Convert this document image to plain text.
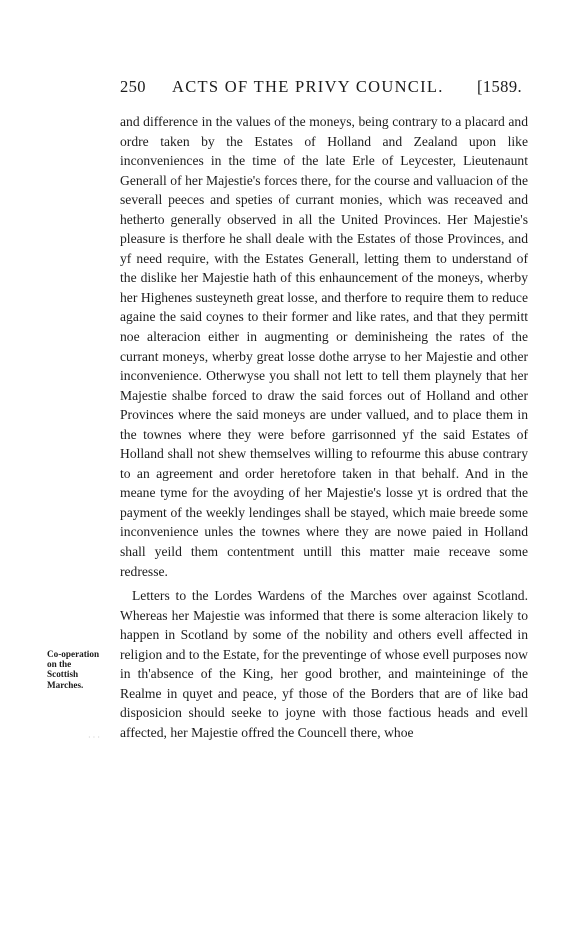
250 ACTS OF THE PRIVY COUNCIL. [1589.

and difference in the values of the moneys, being contrary to a placard and ordre taken by the Estates of Holland and Zealand upon like inconveniences in the time of the late Erle of Leycester, Lieutenaunt Generall of her Majestie's forces there, for the course and valluacion of the severall peeces and speties of currant monies, which was receaved and hetherto generally observed in all the United Provinces. Her Majestie's pleasure is therfore he shall deale with the Estates of those Provinces, and yf need require, with the Estates Generall, letting them to understand of the dislike her Majestie hath of this enhauncement of the moneys, wherby her Highenes susteyneth great losse, and therfore to require them to reduce againe the said coynes to their former and like rates, and that they permitt noe alteracion either in augmenting or deminisheing the rates of the currant moneys, wherby great losse dothe arryse to her Majestie and other inconvenience. Otherwyse you shall not lett to tell them playnely that her Majestie shalbe forced to draw the said forces out of Holland and other Provinces where the said moneys are under vallued, and to place them in the townes where they were before garrisonned yf the said Estates of Holland shall not shew themselves willing to refourme this abuse contrary to an agreement and order heretofore taken in that behalf. And in the meane tyme for the avoyding of her Majestie's losse yt is ordred that the payment of the weekly lendinges shall be stayed, which maie breede some inconvenience unles the townes where they are nowe paied in Holland shall yeild them contentment untill this matter maie receave some redresse.

Letters to the Lordes Wardens of the Marches over against Scotland. Whereas her Majestie was informed that there is some alteracion likely to happen in Scotland by some of the nobility and others evell affected in religion and to the Estate, for the preventinge of whose evell purposes now in th'absence of the King, her good brother, and mainteininge of the Realme in quyet and peace, yf those of the Borders that are of like bad disposicion should seeke to joyne with those factious heads and evell affected, her Majestie offred the Councell there, whoe

Co-operation
on the
Scottish
Marches.
· · ·
